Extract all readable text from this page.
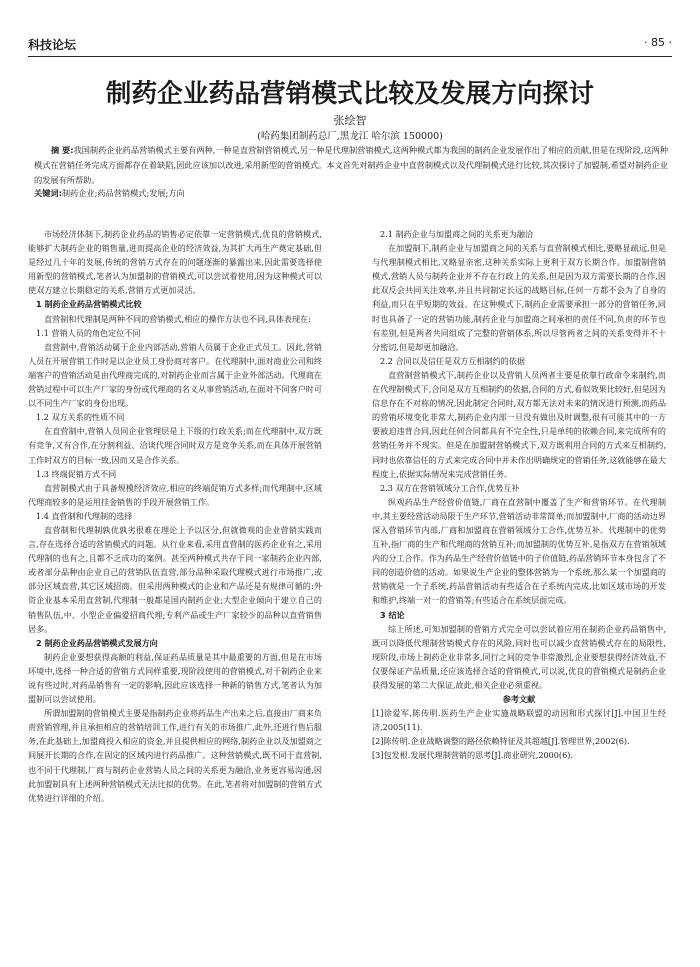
科技论坛	· 85 ·
制药企业药品营销模式比较及发展方向探讨
张绘智
(哈药集团制药总厂,黑龙江 哈尔滨 150000)
摘 要:我国制药企业药品营销模式主要有两种,一种是直营制营销模式,另一种是代理制营销模式,这两种模式都为我国的制药企业发展作出了相应的贡献,但是在现阶段,这两种模式在营销任务完成方面都存在着缺陷,因此应该加以改进,采用新型的营销模式。本文首先对制药企业中直营制模式以及代理制模式进行比较,其次探讨了加盟制,希望对制药企业的发展有所帮助。
关键词:制药企业;药品营销模式;发展;方向

市场经济体制下,制药企业药品的销售必定依靠一定营销模式,优良的营销模式,能够扩大制药企业的销售量,进而提高企业的经济效益,为其扩大再生产奠定基础,但是经过几十年的发展,传统的营销方式存在的问题逐渐的暴露出来,因此需要选择使用新型的营销模式,笔者认为加盟制的营销模式,可以尝试着使用,因为这种模式可以使双方建立长期稳定的关系,营销方式更加灵活。

1 制药企业药品营销模式比较

直营制和代理制是两种不同的营销模式,相应的操作方法也不同,具体表现在:

1.1 营销人员的角色定位不同

直营制中,营销活动属于企业内部活动,营销人员属于企业正式员工。因此,营销人员在开展营销工作时是以企业员工身份商对客户。在代理制中,面对商业公司和终端客户的营销活动是由代理商完成的,对制药企业而言属于企业外部活动。代理商在营销过程中可以生产厂家的身份或代理商的名义从事营销活动,在面对不同客户时可以不同生产厂家的身份出现。

1.2 双方关系的性质不同

在直营制中,营销人员同企业管理层是上下级的行政关系;而在代理制中,双方既有竞争,又有合作,在分割利益、洽谈代理合同时双方是竞争关系,而在具体开展营销工作时双方的目标一致,因而又是合作关系。

1.3 终端促销方式不同

直营制模式由于具备规模经济效应,相应的终端促销方式多样;而代理制中,区域代理商较多的是运用挂金销售的手段开展营销工作。

1.4 直营制和代理制的选择

直营制和代理制孰优孰劣很难在理论上予以区分,但就微观的企业营销实践而言,存在选择合适的营销模式的问题。从行业来看,采用直营制的医药企业有之,采用代理制的也有之,且都不乏成功的案例。甚至两种模式共存于同一家制药企业内部,或者部分品种由企业自己的营销队伍直营,部分品种采取代理模式进行市场推广,或部分区域直营,其它区域招商。但采用两种模式的企业和产品还是有规律可循的:外资企业基本采用直营制,代理制一般都是国内制药企业;大型企业倾向于建立自己的销售队伍,中、小型企业偏爱招商代理;专利产品或生产厂家较少的品种以直营销售居多。

2 制药企业药品营销模式发展方向

制药企业要想获得高额的利益,保证药品质量是其中最重要的方面,但是在市场环境中,选择一种合适的营销方式同样重要,现阶段使用的营销模式,对于制药企业来说有些过时,对药品销售有一定的影响,因此应该选择一种新的销售方式,笔者认为加盟制可以尝试使用。

所谓加盟制的营销模式主要是指制药企业将药品生产出来之后,直接由厂商来负责营销管理,并且承担相应的营销培训工作,进行有关的市场推广,此外,还进行售后服务,在此基础上,加盟商投入相应的资金,并且提供相应的网络,制药企业以及加盟商之间展开长期的合作,在固定的区域内进行药品推广。这种营销模式,既不同于直营制,也不同于代理制,厂商与制药企业营销人员之间的关系更为融洽,业务更容易沟通,因此加盟制具有上述两种营销模式无法比拟的优势。在此,笔者将对加盟制的营销方式优势进行详细的介绍。

2.1 制药企业与加盟商之间的关系更为融洽

在加盟制下,制药企业与加盟商之间的关系与直营制模式相比,要略显疏远,但是与代理制模式相比,又略显亲密,这种关系实际上更利于双方长期合作。加盟制营销模式,营销人员与制药企业并不存在行政上的关系,但是因为双方需要长期的合作,因此双反会共同关注效率,并且共同制定长远的战略目标,任何一方都不会为了自身的利益,而只在乎短期的效益。在这种模式下,制药企业需要承担一部分的营销任务,同时也具备了一定的营销功能,制药企业与加盟商之间承担的责任不同,负责的环节也有差别,但是两者共同组成了完整的营销体系,所以尽管两者之间的关系变得并不十分密切,但是却更加融洽。

2.2 合同以及信任是双方互相制约的依据

直营制营销模式下,制药企业以及营销人员两者主要是依靠行政命令来制约,而在代理制模式下,合同是双方互相制约的依据,合同的方式,看似效果比较好,但是因为信息存在不对称的情况,因此制定合同时,双方都无法对未来的情况进行预测,而药品的营销环境变化非常大,制药企业内部一旦没有做出及时调整,很有可能其中的一方要被迫违背合同,因此任何合同都具有不完全性,只是单纯的依赖合同,来完成所有的营销任务并不现实。但是在加盟制营销模式下,双方既利用合同的方式来互相制约,同时也依靠信任的方式来完成合同中并未作出明确规定的营销任务,这就能够在最大程度上,依据实际情况来完成营销任务。

2.3 双方在营销领域分工合作,优势互补

纵观药品生产经营价值链,厂商在直营制中覆盖了生产和营销环节。在代理制中,其主要经营活动局限于生产环节,营销活动非常简单;而加盟制中,厂商的活动边界深入营销环节内部,厂商和加盟商在营销领域分工合作,优势互补。代理制中的优势互补,指厂商的生产和代理商的营销互补;而加盟制的优势互补,是指双方在营销领域内的分工合作。作为药品生产经营价值链中的子价值链,药品营销环节本身包含了不同的创造价值的活动。如果说生产企业的整体营销为一个系统,那么某一个加盟商的营销就是一个子系统,药品营销活动有些适合在子系统内完成,比如区域市场的开发和维护,终端一对一的营销等;有些适合在系统层面完成。

3 结论

综上所述,可知加盟制的营销方式完全可以尝试着应用在制药企业药品销售中,既可以降低代理制营销模式存在的风险,同时也可以减少直营销模式存在的局限性,现阶段,市场上制药企业非常多,同行之间的竞争非常激烈,企业要想获得经济效益,不仅要保证产品质量,还应该选择合适的营销模式,可以说,优良的营销模式是制药企业获得发展的第二大保证,故此,相关企业必须重视。

参考文献

[1]徐爱军,陈传明.医药生产企业实施战略联盟的动因和形式探讨[J].中国卫生经济,2005(11).

[2]陈传明.企业战略调整的路径依赖特征及其超越[J].管理世界,2002(6).

[3]包发根.发展代理制营销的思考[J].商业研究,2000(6).
